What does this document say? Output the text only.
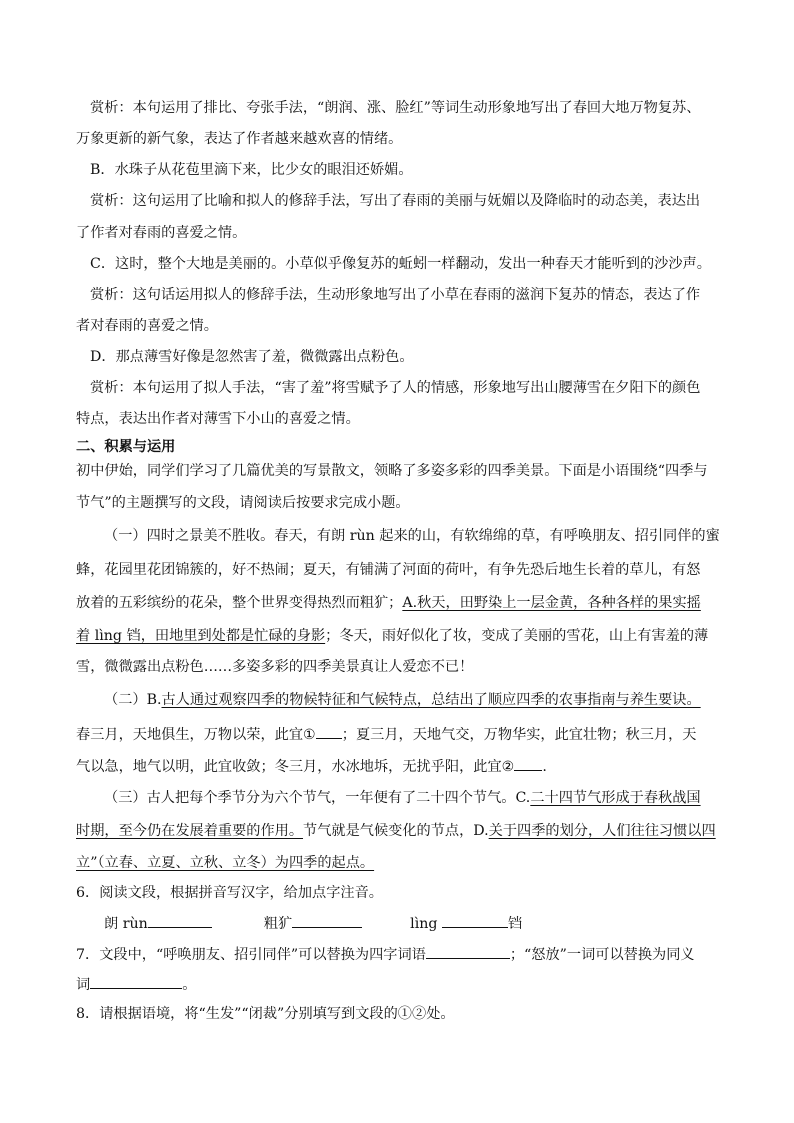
赏析：本句运用了排比、夸张手法，“朗润、涨、脸红”等词生动形象地写出了春回大地万物复苏、
万象更新的新气象，表达了作者越来越欢喜的情绪。
B．水珠子从花苞里滴下来，比少女的眼泪还娇媚。
赏析：这句运用了比喻和拟人的修辞手法，写出了春雨的美丽与妩媚以及降临时的动态美，表达出
了作者对春雨的喜爱之情。
C．这时，整个大地是美丽的。小草似乎像复苏的蚯蚓一样翻动，发出一种春天才能听到的沙沙声。
赏析：这句话运用拟人的修辞手法，生动形象地写出了小草在春雨的滋润下复苏的情态，表达了作
者对春雨的喜爱之情。
D．那点薄雪好像是忽然害了羞，微微露出点粉色。
赏析：本句运用了拟人手法，“害了羞”将雪赋予了人的情感，形象地写出山腰薄雪在夕阳下的颜色
特点，表达出作者对薄雪下小山的喜爱之情。
二、积累与运用
初中伊始，同学们学习了几篇优美的写景散文，领略了多姿多彩的四季美景。下面是小语围绕“四季与
节气”的主题撰写的文段，请阅读后按要求完成小题。
（一）四时之景美不胜收。春天，有朗 rùn 起来的山，有软绵绵的草，有呼唤朋友、招引同伴的蜜
蜂，花园里花团锦簇的，好不热闹；夏天，有铺满了河面的荷叶，有争先恐后地生长着的草儿，有怒
放着的五彩缤纷的花朵，整个世界变得热烈而粗犷；A.秋天，田野染上一层金黄，各种各样的果实摇
着 lìng 铛，田地里到处都是忙碌的身影；冬天，雨好似化了妆，变成了美丽的雪花，山上有害羞的薄
雪，微微露出点粉色……多姿多彩的四季美景真让人爱恋不已！
（二）B.古人通过观察四季的物候特征和气候特点，总结出了顺应四季的农事指南与养生要诀。
春三月，天地俱生，万物以荣，此宜① ；夏三月，天地气交，万物华实，此宜壮物；秋三月，天
气以急，地气以明，此宜收敛；冬三月，水冰地坼，无扰乎阳，此宜② .
（三）古人把每个季节分为六个节气，一年便有了二十四个节气。C.二十四节气形成于春秋战国
时期，至今仍在发展着重要的作用。节气就是气候变化的节点，D.关于四季的划分，人们往往习惯以四
立”（立春、立夏、立秋、立冬）为四季的起点。
6．阅读文段，根据拼音写汉字，给加点字注音。
朗 rùn	粗犷	lìng	铛
7．文段中，“呼唤朋友、招引同伴”可以替换为四字词语	；“怒放”一词可以替换为同义
词	。
8．请根据语境，将“生发”“闭裁”分别填写到文段的①②处。
